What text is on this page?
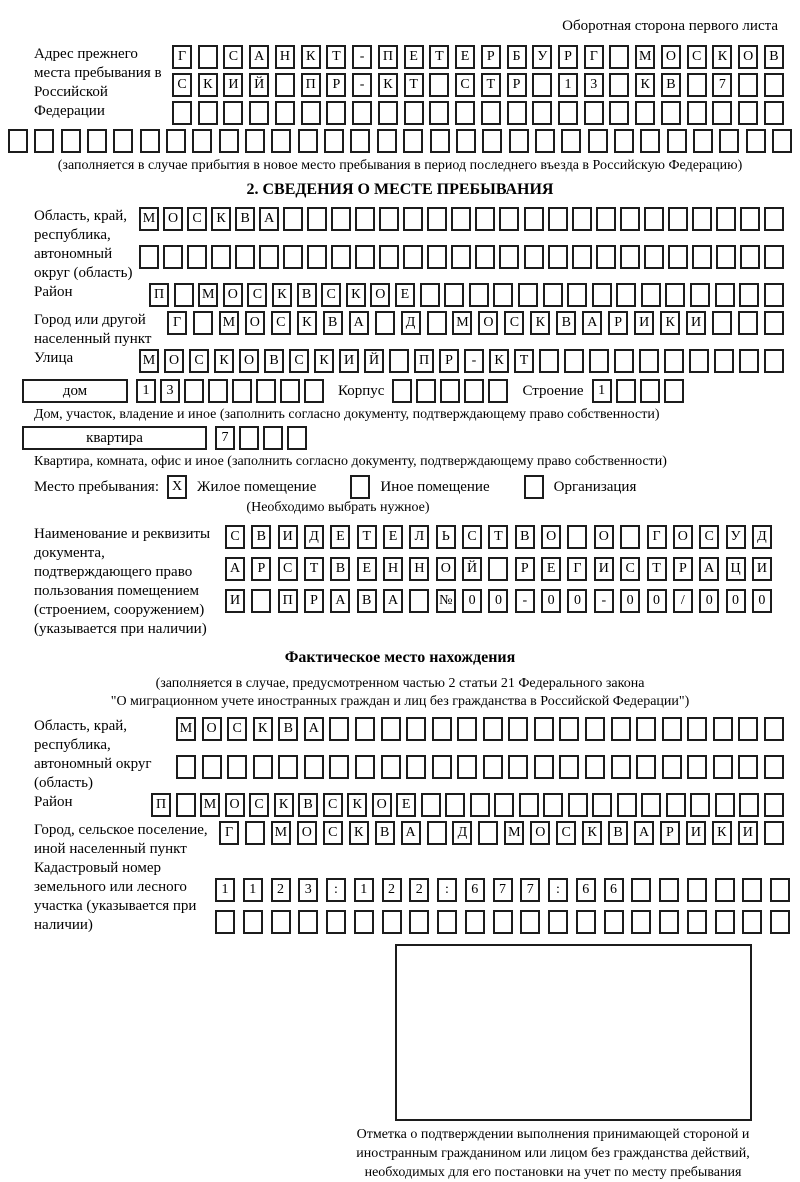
Оборотная сторона первого листа
Адрес прежнего места пребывания в Российской Федерации
Г	С	А	Н	К	Т	-	П	Е	Т	Е	Р	Б	У	Р	Г	М	О	С	К	О	В
С	К	И	Й	П	Р	-	К	Т	С	Т	Р	1	3	К	В	7
(заполняется в случае прибытия в новое место пребывания в период последнего въезда в Российскую Федерацию)
2. СВЕДЕНИЯ О МЕСТЕ ПРЕБЫВАНИЯ
Область, край, республика, автономный округ (область)
М О	С	К	В	А
Район	П	М О	С	К	В	С	К	О	Е
Город или другой населенный пункт
Г	М	О	С	К	В	А	Д	М	О	С	К	В	А	Р	И	К	И
Улица	М О	С	К	О	В	С	К	И	Й	П	Р	-	К	Т
дом	1	3	Корпус	Строение	1
Дом, участок, владение и иное (заполнить согласно документу, подтверждающему право собственности)
квартира	7
Квартира, комната, офис и иное (заполнить согласно документу, подтверждающему право собственности)
Место пребывания: X Жилое помещение	Иное помещение	Организация
(Необходимо выбрать нужное)
Наименование и реквизиты документа, подтверждающего право пользования помещением (строением, сооружением) (указывается при наличии)
С	В	И	Д	Е	Т	Е	Л	Ь	С	Т	В	О	О	Г	О	С	У	Д
А	Р	С	Т	В	Е	Н	Н	О	Й	Р	Е	Г	И	С	Т	Р	А	Ц	И
И	П	Р	А	В	А	№	0	0	-	0	0	-	0	0	/	0	0	0
Фактическое место нахождения
(заполняется в случае, предусмотренном частью 2 статьи 21 Федерального закона
"О миграционном учете иностранных граждан и лиц без гражданства в Российской Федерации")
Область, край, республика, автономный округ (область)
М	О	С	К	В	А
Район	П	М О	С	К	В	С	К	О	Е
Город, сельское поселение, иной населенный пункт
Г	М	О	С	К	В	А	Д	М	О	С	К	В	А	Р	И	К	И
Кадастровый номер земельного или лесного участка (указывается при наличии)
1	1	2	3	:	1	2	2	:	6	7	7	:	6	6
Отметка о подтверждении выполнения принимающей стороной и иностранным гражданином или лицом без гражданства действий, необходимых для его постановки на учет по месту пребывания
